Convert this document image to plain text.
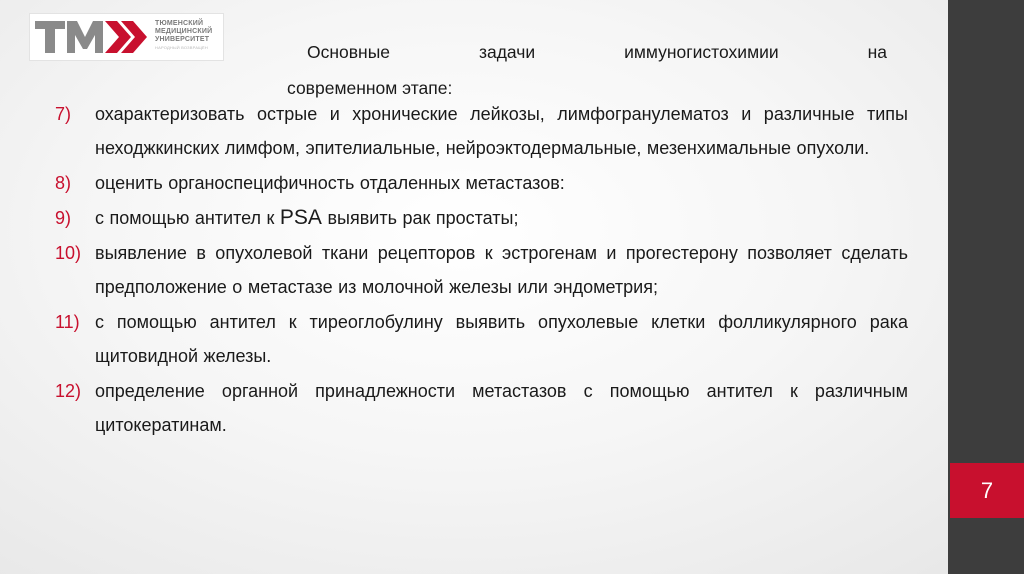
7
ТЮМЕНСКИЙ
МЕДИЦИНСКИЙ
УНИВЕРСИТЕТ
НАРОДНЫЙ ВОЗВРАЩЁН	Основные	задачи	иммуногистохимии	на
современном этапе:
7)	охарактеризовать острые и хронические лейкозы, лимфогранулематоз и различные типы неходжкинских лимфом, эпителиальные, нейроэктодермальные, мезенхимальные опухоли.
8)	оценить органоспецифичность отдаленных метастазов:
9)	с помощью антител к PSA выявить рак простаты;
10) выявление в опухолевой ткани рецепторов к эстрогенам и прогестерону позволяет сделать предположение о метастазе из молочной железы или эндометрия;
11) с помощью антител к тиреоглобулину выявить опухолевые клетки фолликулярного рака щитовидной железы.
12) определение органной принадлежности метастазов с помощью антител к различным цитокератинам.
